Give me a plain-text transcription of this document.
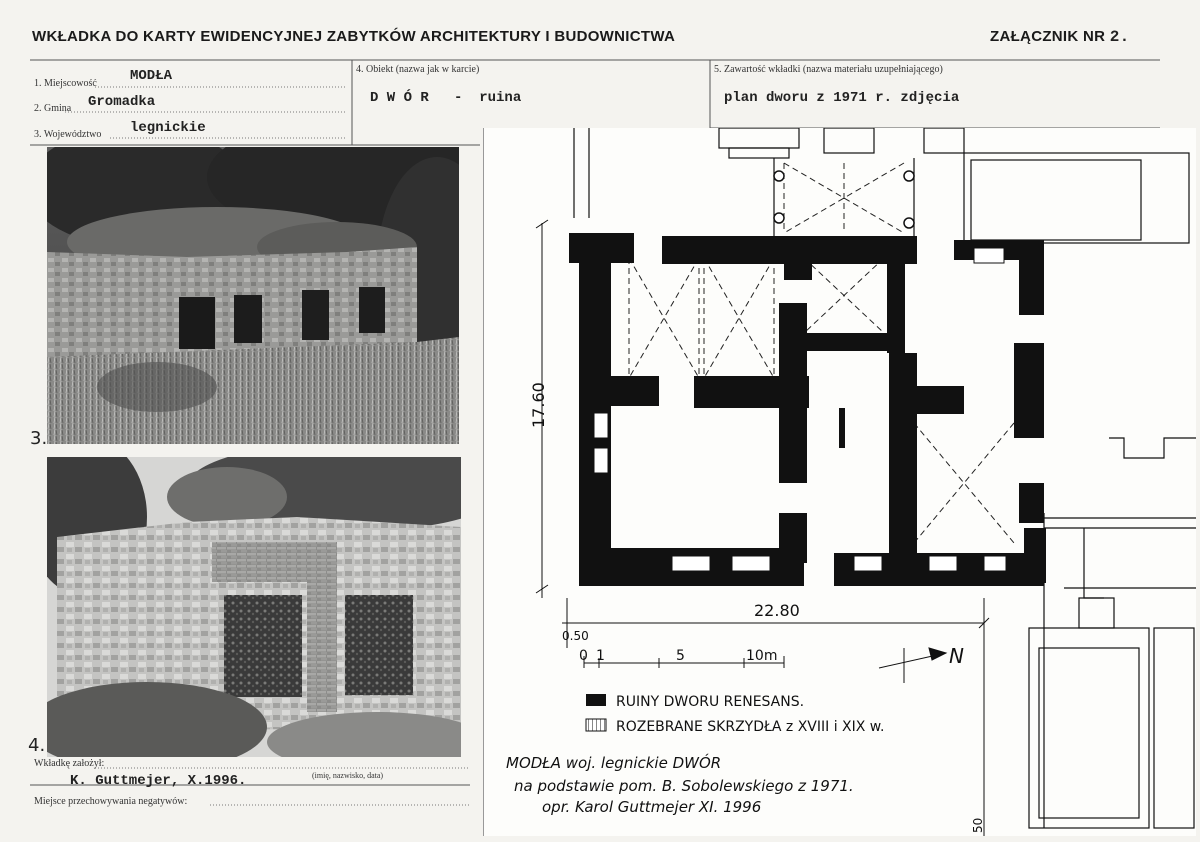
WKŁADKA DO KARTY EWIDENCYJNEJ ZABYTKÓW ARCHITEKTURY I BUDOWNICTWA	ZAŁĄCZNIK NR 2.
1. Miejscowość MODŁA
2. Gmina Gromadka
3. Województwo legnickie
4. Obiekt (nazwa jak w karcie)
D W Ó R   -  ruina
5. Zawartość wkładki (nazwa materiału uzupełniającego)
plan dworu z 1971 r. zdjęcia
3.
4.
Wkładkę założył:
K. Guttmejer, X.1996.	(imię, nazwisko, data)
Miejsce przechowywania negatywów:
17.60
22.80
0.50
50
0 1	5	10m	N
RUINY DWORU RENESANS.
ROZEBRANE SKRZYDŁA z XVIII i XIX w.
MODŁA woj. legnickie DWÓR
na podstawie pom. B. Sobolewskiego z 1971.
opr. Karol Guttmejer XI. 1996
